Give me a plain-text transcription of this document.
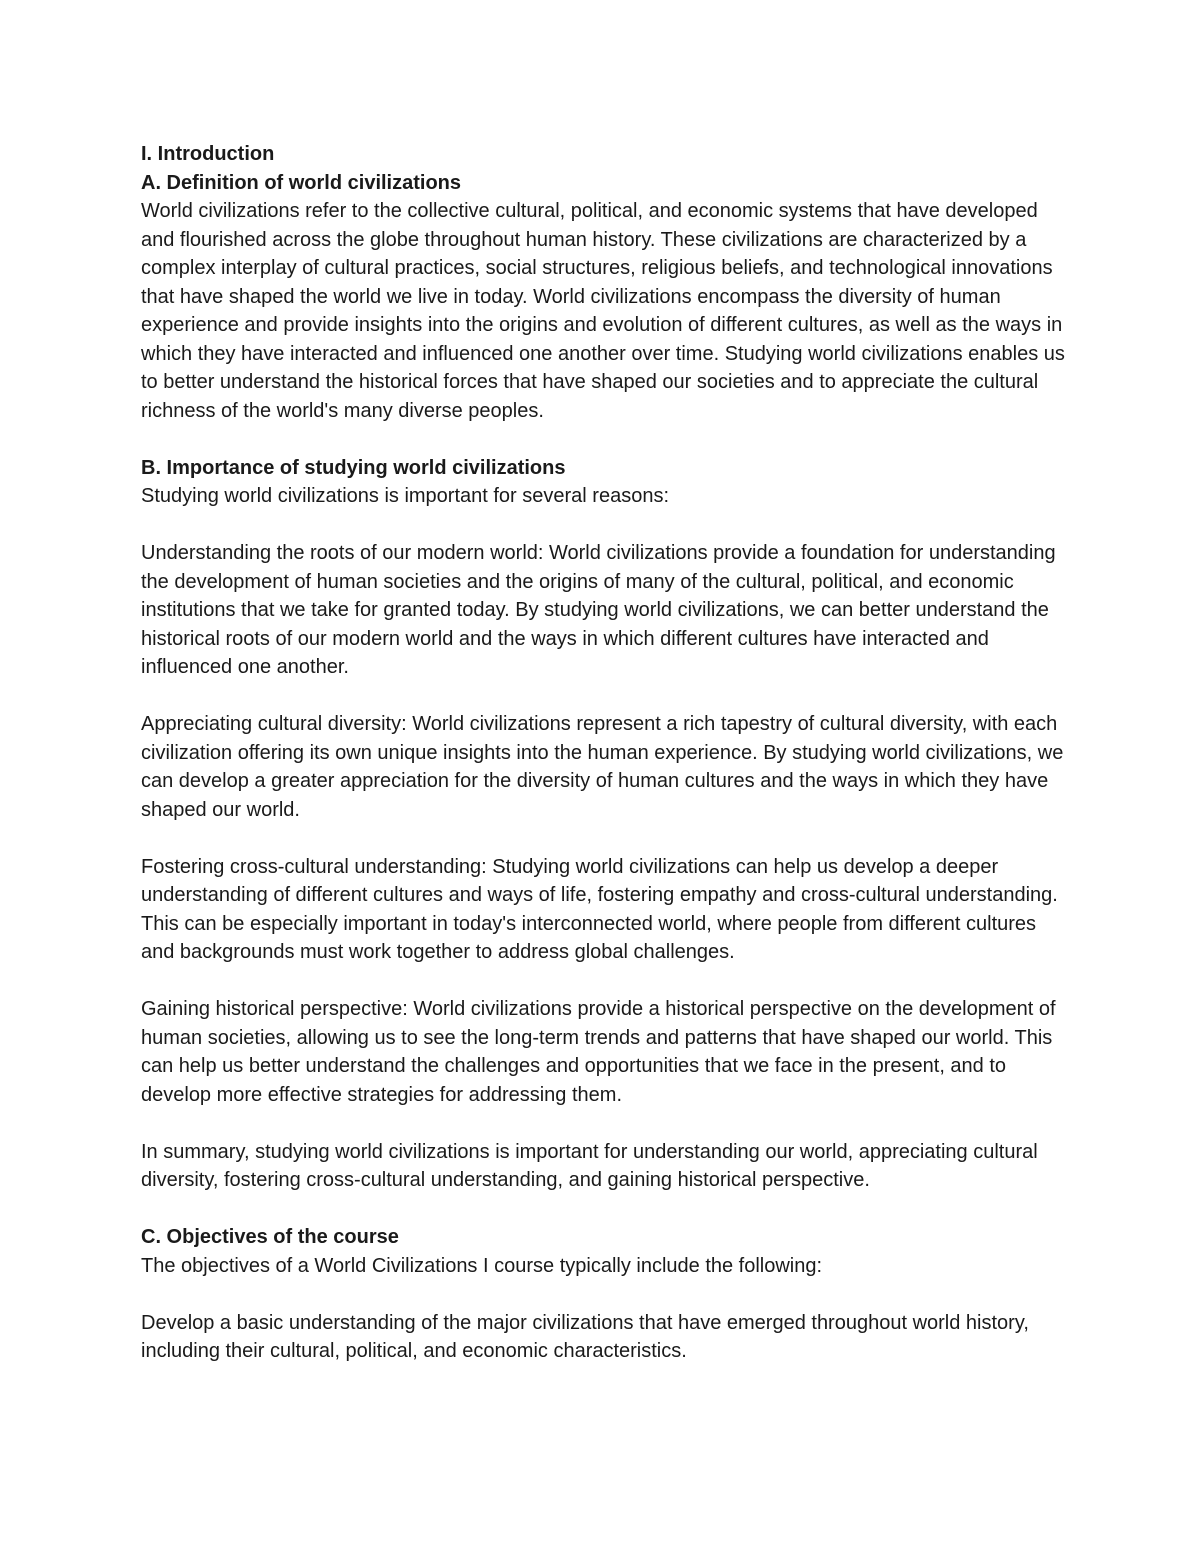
I. Introduction

A. Definition of world civilizations

World civilizations refer to the collective cultural, political, and economic systems that have developed and flourished across the globe throughout human history. These civilizations are characterized by a complex interplay of cultural practices, social structures, religious beliefs, and technological innovations that have shaped the world we live in today. World civilizations encompass the diversity of human experience and provide insights into the origins and evolution of different cultures, as well as the ways in which they have interacted and influenced one another over time. Studying world civilizations enables us to better understand the historical forces that have shaped our societies and to appreciate the cultural richness of the world's many diverse peoples.

B. Importance of studying world civilizations

Studying world civilizations is important for several reasons:

Understanding the roots of our modern world: World civilizations provide a foundation for understanding the development of human societies and the origins of many of the cultural, political, and economic institutions that we take for granted today. By studying world civilizations, we can better understand the historical roots of our modern world and the ways in which different cultures have interacted and influenced one another.

Appreciating cultural diversity: World civilizations represent a rich tapestry of cultural diversity, with each civilization offering its own unique insights into the human experience. By studying world civilizations, we can develop a greater appreciation for the diversity of human cultures and the ways in which they have shaped our world.

Fostering cross-cultural understanding: Studying world civilizations can help us develop a deeper understanding of different cultures and ways of life, fostering empathy and cross-cultural understanding. This can be especially important in today's interconnected world, where people from different cultures and backgrounds must work together to address global challenges.

Gaining historical perspective: World civilizations provide a historical perspective on the development of human societies, allowing us to see the long-term trends and patterns that have shaped our world. This can help us better understand the challenges and opportunities that we face in the present, and to develop more effective strategies for addressing them.

In summary, studying world civilizations is important for understanding our world, appreciating cultural diversity, fostering cross-cultural understanding, and gaining historical perspective.

C. Objectives of the course

The objectives of a World Civilizations I course typically include the following:

Develop a basic understanding of the major civilizations that have emerged throughout world history, including their cultural, political, and economic characteristics.
